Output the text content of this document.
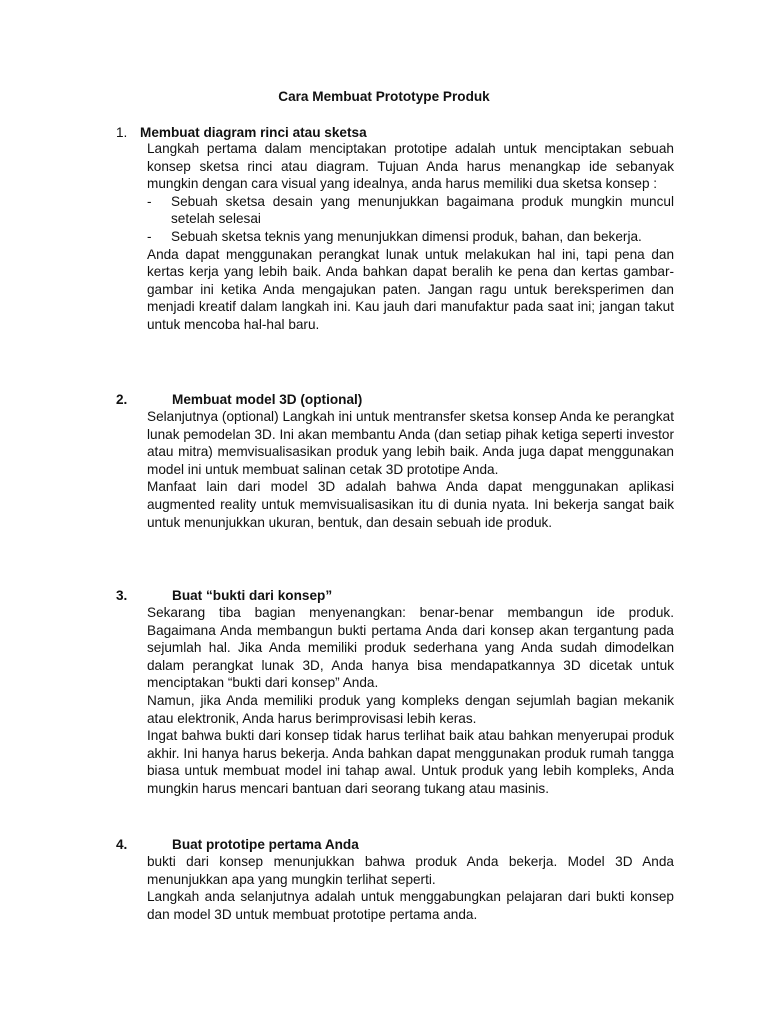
Cara Membuat Prototype Produk
1. Membuat diagram rinci atau sketsa

Langkah pertama dalam menciptakan prototipe adalah untuk menciptakan sebuah konsep sketsa rinci atau diagram. Tujuan Anda harus menangkap ide sebanyak mungkin dengan cara visual yang idealnya, anda harus memiliki dua sketsa konsep :

- Sebuah sketsa desain yang menunjukkan bagaimana produk mungkin muncul setelah selesai

- Sebuah sketsa teknis yang menunjukkan dimensi produk, bahan, dan bekerja.

Anda dapat menggunakan perangkat lunak untuk melakukan hal ini, tapi pena dan kertas kerja yang lebih baik. Anda bahkan dapat beralih ke pena dan kertas gambar-gambar ini ketika Anda mengajukan paten. Jangan ragu untuk bereksperimen dan menjadi kreatif dalam langkah ini. Kau jauh dari manufaktur pada saat ini; jangan takut untuk mencoba hal-hal baru.

2.	Membuat model 3D (optional)

Selanjutnya (optional) Langkah ini untuk mentransfer sketsa konsep Anda ke perangkat lunak pemodelan 3D. Ini akan membantu Anda (dan setiap pihak ketiga seperti investor atau mitra) memvisualisasikan produk yang lebih baik. Anda juga dapat menggunakan model ini untuk membuat salinan cetak 3D prototipe Anda.

Manfaat lain dari model 3D adalah bahwa Anda dapat menggunakan aplikasi augmented reality untuk memvisualisasikan itu di dunia nyata. Ini bekerja sangat baik untuk menunjukkan ukuran, bentuk, dan desain sebuah ide produk.

3.	Buat “bukti dari konsep”

Sekarang tiba bagian menyenangkan: benar-benar membangun ide produk. Bagaimana Anda membangun bukti pertama Anda dari konsep akan tergantung pada sejumlah hal. Jika Anda memiliki produk sederhana yang Anda sudah dimodelkan dalam perangkat lunak 3D, Anda hanya bisa mendapatkannya 3D dicetak untuk menciptakan “bukti dari konsep” Anda.

Namun, jika Anda memiliki produk yang kompleks dengan sejumlah bagian mekanik atau elektronik, Anda harus berimprovisasi lebih keras.

Ingat bahwa bukti dari konsep tidak harus terlihat baik atau bahkan menyerupai produk akhir. Ini hanya harus bekerja. Anda bahkan dapat menggunakan produk rumah tangga biasa untuk membuat model ini tahap awal. Untuk produk yang lebih kompleks, Anda mungkin harus mencari bantuan dari seorang tukang atau masinis.

4.	Buat prototipe pertama Anda

bukti dari konsep menunjukkan bahwa produk Anda bekerja. Model 3D Anda menunjukkan apa yang mungkin terlihat seperti.

Langkah anda selanjutnya adalah untuk menggabungkan pelajaran dari bukti konsep dan model 3D untuk membuat prototipe pertama anda.
